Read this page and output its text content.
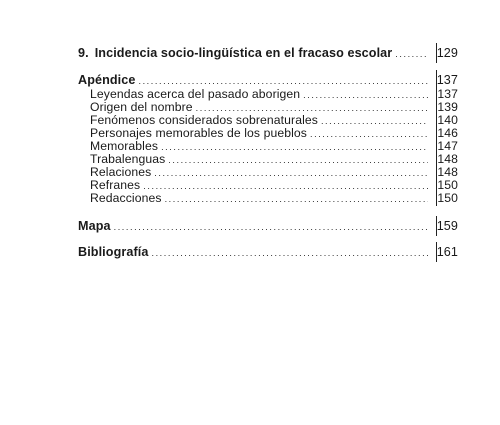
9. Incidencia socio-lingüística en el fracaso escolar .....	129
Apéndice .....	137
Leyendas acerca del pasado aborigen .....	137
Origen del nombre .....	139
Fenómenos considerados sobrenaturales .....	140
Personajes memorables de los pueblos .....	146
Memorables .....	147
Trabalenguas .....	148
Relaciones .....	148
Refranes .....	150
Redacciones .....	150
Mapa .....	159
Bibliografía .....	161
